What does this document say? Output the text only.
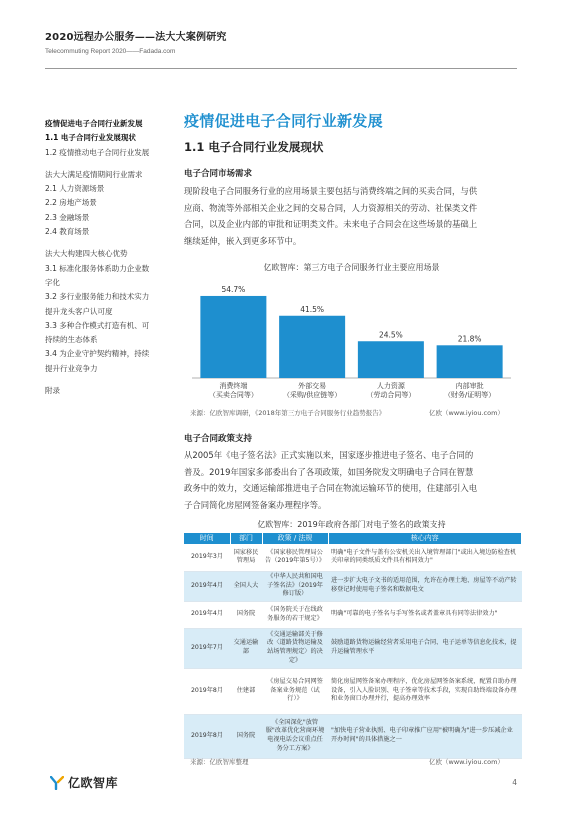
2020远程办公服务——法大大案例研究
Telecommuting Report 2020——Fadada.com
疫情促进电子合同行业新发展
1.1 电子合同行业发展现状
1.2 疫情推动电子合同行业发展
法大大满足疫情期间行业需求
2.1 人力资源场景
2.2 房地产场景
2.3 金融场景
2.4 教育场景
法大大构建四大核心优势
3.1 标准化服务体系助力企业数
字化
3.2 多行业服务能力和技术实力
提升龙头客户认可度
3.3 多种合作模式打造有机、可
持续的生态体系
3.4 为企业守护契约精神，持续
提升行业竞争力
附录
疫情促进电子合同行业新发展
1.1 电子合同行业发展现状
电子合同市场需求
现阶段电子合同服务行业的应用场景主要包括与消费终端之间的买卖合同，与供
应商、物流等外部相关企业之间的交易合同，人力资源相关的劳动、社保类文件
合同，以及企业内部的审批和证明类文件。未来电子合同会在这些场景的基础上
继续延伸，嵌入到更多环节中。
亿欧智库：第三方电子合同服务行业主要应用场景
54.7%
消费终端
（买卖合同等）
41.5%
外部交易
（采购/供应链等）
24.5%
人力资源
（劳动合同等）
21.8%
内部审批
（财务/证明等）
来源：亿欧智库调研，《2018年第三方电子合同服务行业趋势报告》	亿欧（www.iyiou.com）
电子合同政策支持
从2005年《电子签名法》正式实施以来，国家逐步推进电子签名、电子合同的
普及。2019年国家多部委出台了各项政策，如国务院发文明确电子合同在智慧
政务中的效力，交通运输部推进电子合同在物流运输环节的使用，住建部引入电
子合同简化房屋网签备案办理程序等。
亿欧智库：2019年政府各部门对电子签名的政策支持
时间	部门	政策 / 法规	核心内容
2019年3月	国家移民管理局	《国家移民管理局公告（2019年第5号）》	明确"电子文件与盖有公安机关出入境管理部门"或出入境边防检查机关印章的同类纸质文件具有相同效力"
2019年4月	全国人大	《中华人民共和国电子签名法》（2019年修订版）	进一步扩大电子文书的适用范围，允许在办理土地、房屋等不动产转移登记时使用电子签名和数据电文
2019年4月	国务院	《国务院关于在线政务服务的若干规定》	明确"可靠的电子签名与手写签名或者盖章具有同等法律效力"
2019年7月	交通运输部	《交通运输部关于修改〈道路货物运输及站场管理规定〉的决定》	鼓励道路货物运输经营者采用电子合同、电子运单等信息化技术，提升运输管理水平
2019年8月	住建部	《房屋交易合同网签备案业务规范（试行）》	简化房屋网签备案办理程序，优化房屋网签备案系统，配置自助办理设备，引入人脸识别、电子签章等技术手段，实现自助终端设备办理和业务窗口办理并行，提高办理效率
2019年8月	国务院	《全国深化"放管服"改革优化营商环境电视电话会议重点任务分工方案》	"加快电子营业执照、电子印章推广应用"被明确为"进一步压减企业开办时间"的具体措施之一
来源：亿欧智库整理	亿欧（www.iyiou.com）
亿欧智库	4
